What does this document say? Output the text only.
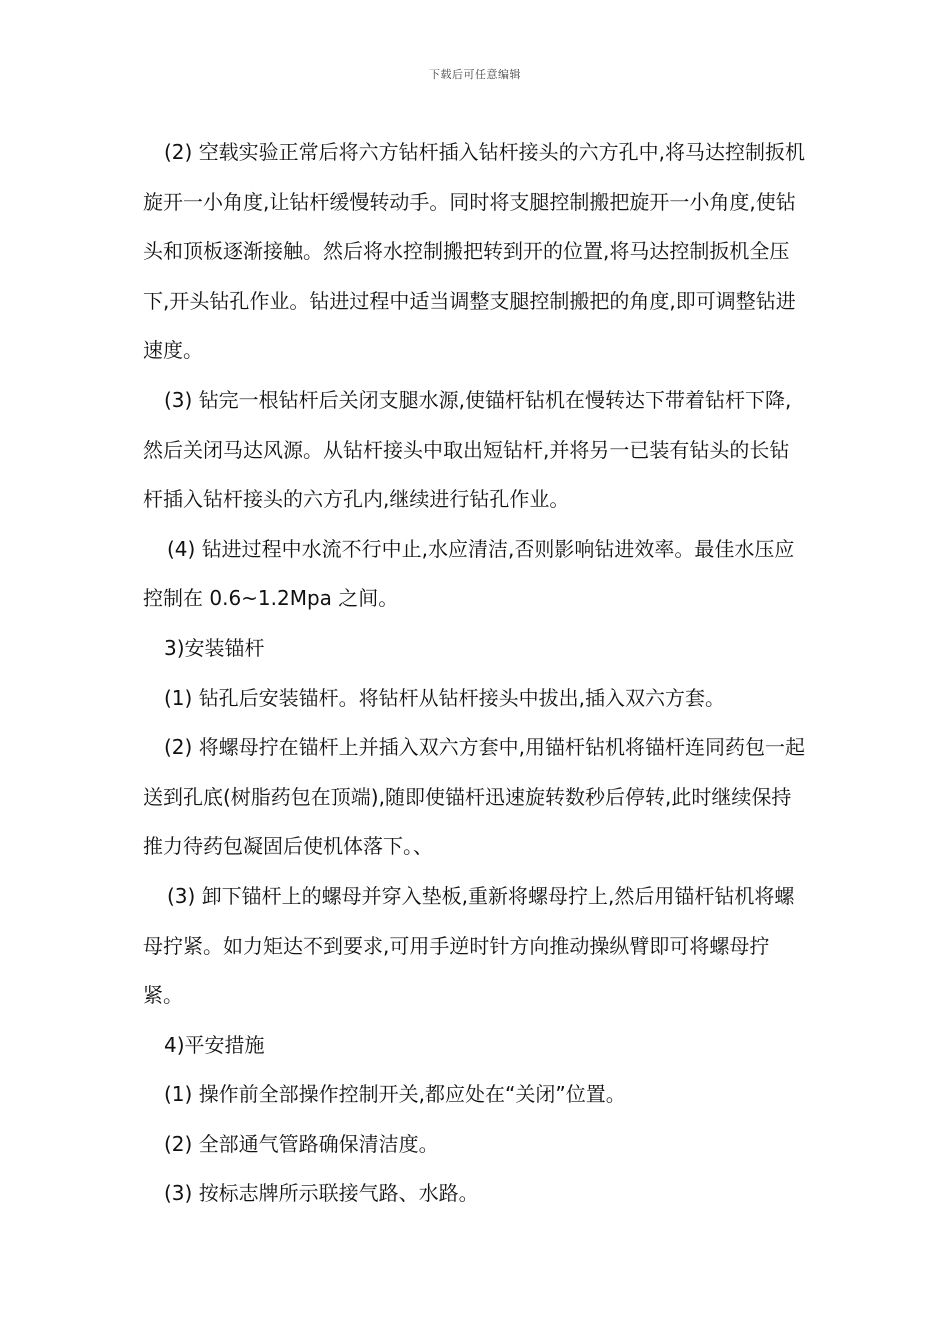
下载后可任意编辑

(2) 空载实验正常后将六方钻杆插入钻杆接头的六方孔中,将马达控制扳机旋开一小角度,让钻杆缓慢转动手。同时将支腿控制搬把旋开一小角度,使钻头和顶板逐渐接触。然后将水控制搬把转到开的位置,将马达控制扳机全压下,开头钻孔作业。钻进过程中适当调整支腿控制搬把的角度,即可调整钻进速度。

(3) 钻完一根钻杆后关闭支腿水源,使锚杆钻机在慢转达下带着钻杆下降,然后关闭马达风源。从钻杆接头中取出短钻杆,并将另一已装有钻头的长钻杆插入钻杆接头的六方孔内,继续进行钻孔作业。

(4) 钻进过程中水流不行中止,水应清洁,否则影响钻进效率。最佳水压应控制在 0.6~1.2Mpa 之间。

3)安装锚杆

(1) 钻孔后安装锚杆。将钻杆从钻杆接头中拔出,插入双六方套。

(2) 将螺母拧在锚杆上并插入双六方套中,用锚杆钻机将锚杆连同药包一起送到孔底(树脂药包在顶端),随即使锚杆迅速旋转数秒后停转,此时继续保持推力待药包凝固后使机体落下。、

(3) 卸下锚杆上的螺母并穿入垫板,重新将螺母拧上,然后用锚杆钻机将螺母拧紧。如力矩达不到要求,可用手逆时针方向推动操纵臂即可将螺母拧紧。

4)平安措施

(1) 操作前全部操作控制开关,都应处在“关闭”位置。

(2) 全部通气管路确保清洁度。

(3) 按标志牌所示联接气路、水路。
